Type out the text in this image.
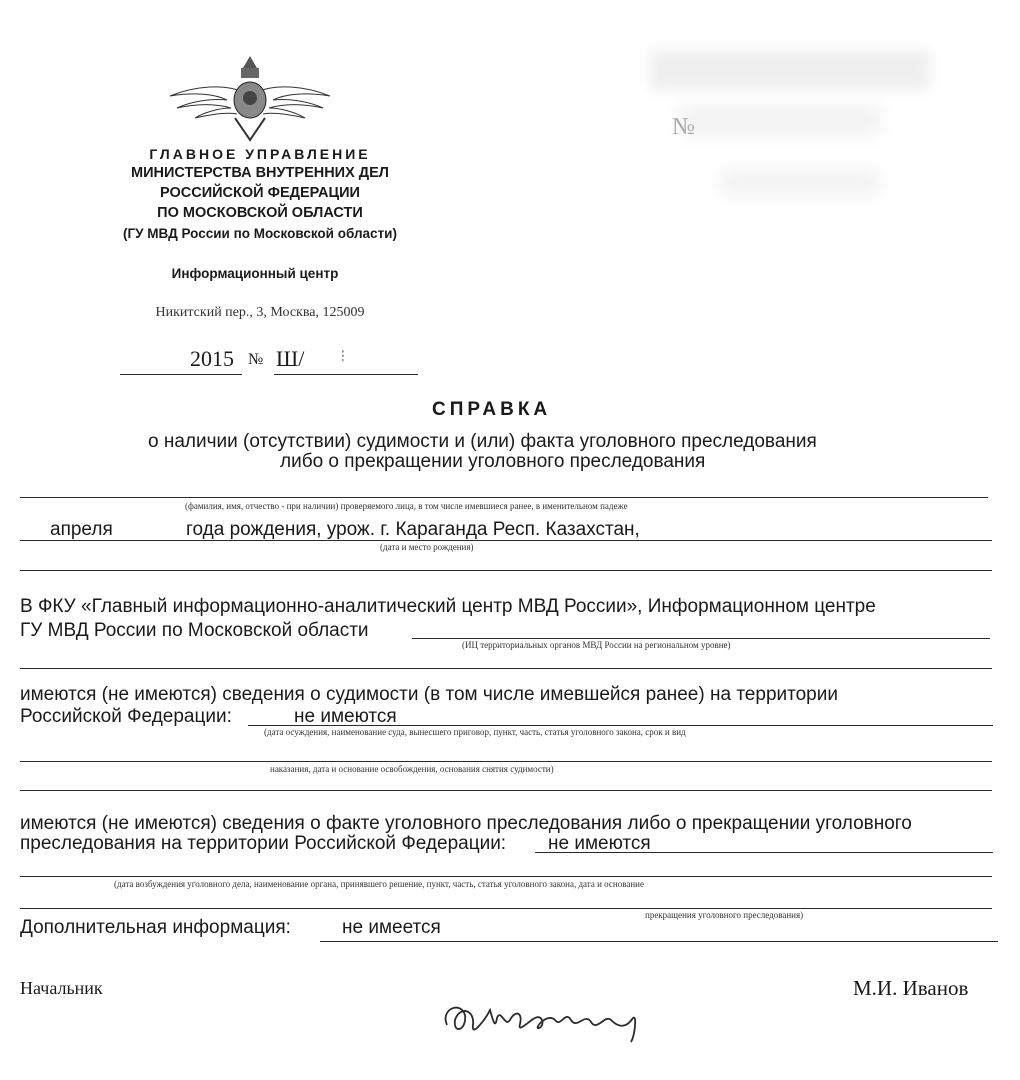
ГЛАВНОЕ УПРАВЛЕНИЕ
МИНИСТЕРСТВА ВНУТРЕННИХ ДЕЛ
РОССИЙСКОЙ ФЕДЕРАЦИИ
ПО МОСКОВСКОЙ ОБЛАСТИ
(ГУ МВД России по Московской области)
Информационный центр
Никитский пер., 3, Москва, 125009
2015 № Ш/ ⁝
№
СПРАВКА
о наличии (отсутствии) судимости и (или) факта уголовного преследования
либо о прекращении уголовного преследования
(фамилия, имя, отчество - при наличии) проверяемого лица, в том числе имевшиеся ранее, в именительном падеже
апреля	года рождения, урож. г. Караганда Респ. Казахстан,
(дата и место рождения)
В ФКУ «Главный информационно-аналитический центр МВД России», Информационном центре
ГУ МВД России по Московской области
(ИЦ территориальных органов МВД России на региональном уровне)
имеются (не имеются) сведения о судимости (в том числе имевшейся ранее) на территории
Российской Федерации:	не имеются
(дата осуждения, наименование суда, вынесшего приговор, пункт, часть, статья уголовного закона, срок и вид
наказания, дата и основание освобождения, основания снятия судимости)
имеются (не имеются) сведения о факте уголовного преследования либо о прекращении уголовного
преследования на территории Российской Федерации: не имеются
(дата возбуждения уголовного дела, наименование органа, принявшего решение, пункт, часть, статья уголовного закона, дата и основание
прекращения уголовного преследования)
Дополнительная информация:	не имеется
Начальник	М.И. Иванов
